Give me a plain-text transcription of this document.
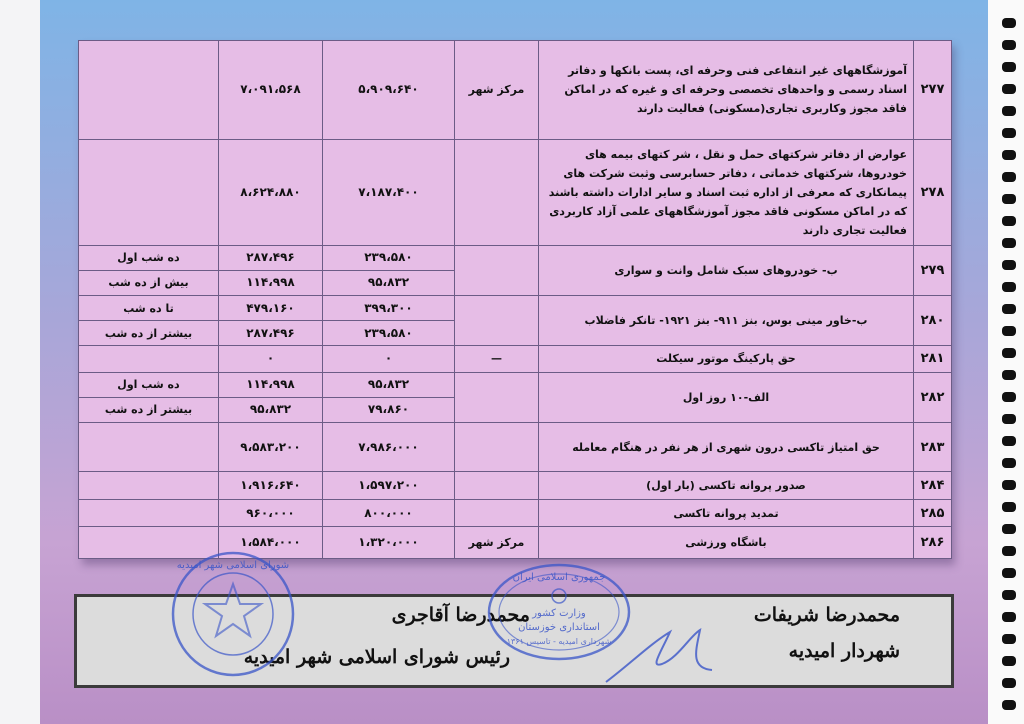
۲۷۷	آموزشگاههای غیر انتفاعی فنی وحرفه ای، پست بانکها و دفاتر اسناد رسمی و واحدهای تخصصی وحرفه ای و غیره که در اماکن فاقد مجوز وکاربری تجاری(مسکونی) فعالیت دارند	مرکز شهر	۵،۹۰۹،۶۴۰	۷،۰۹۱،۵۶۸	
۲۷۸	عوارض از دفاتر شرکتهای حمل و نقل ، شر کتهای بیمه های خودروها، شرکتهای خدماتی ، دفاتر حسابرسی وثبت شرکت های پیمانکاری که معرفی از اداره ثبت اسناد و سایر ادارات داشته باشند که در اماکن مسکونی فاقد مجوز آموزشگاههای علمی آزاد کاربردی فعالیت تجاری دارند		۷،۱۸۷،۴۰۰	۸،۶۲۴،۸۸۰	
۲۷۹	ب- خودروهای سبک شامل وانت و سواری		۲۳۹،۵۸۰	۲۸۷،۴۹۶	ده شب اول
			۹۵،۸۳۲	۱۱۴،۹۹۸	بیش از ده شب
۲۸۰	ب-خاور مینی بوس، بنز ۹۱۱- بنز ۱۹۲۱- تانکر فاضلاب		۳۹۹،۳۰۰	۴۷۹،۱۶۰	تا ده شب
			۲۳۹،۵۸۰	۲۸۷،۴۹۶	بیشتر از ده شب
۲۸۱	حق پارکینگ موتور سیکلت	—	۰	۰	
۲۸۲	الف-۱۰ روز اول		۹۵،۸۳۲	۱۱۴،۹۹۸	ده شب اول
			۷۹،۸۶۰	۹۵،۸۳۲	بیشتر از ده شب
۲۸۳	حق امتیاز تاکسی درون شهری از هر نفر در هنگام معامله		۷،۹۸۶،۰۰۰	۹،۵۸۳،۲۰۰	
۲۸۴	صدور پروانه تاکسی (بار اول)		۱،۵۹۷،۲۰۰	۱،۹۱۶،۶۴۰	
۲۸۵	تمدید پروانه تاکسی		۸۰۰،۰۰۰	۹۶۰،۰۰۰	
۲۸۶	باشگاه ورزشی	مرکز شهر	۱،۳۲۰،۰۰۰	۱،۵۸۴،۰۰۰	
محمدرضا شریفات
شهردار امیدیه
محمدرضا آقاجری
رئیس شورای اسلامی شهر امیدیه
شورای اسلامی شهر امیدیه
جمهوری اسلامی ایران
وزارت کشور
استانداری خوزستان
شهرداری امیدیه - تاسیس ۱۳۶۱
